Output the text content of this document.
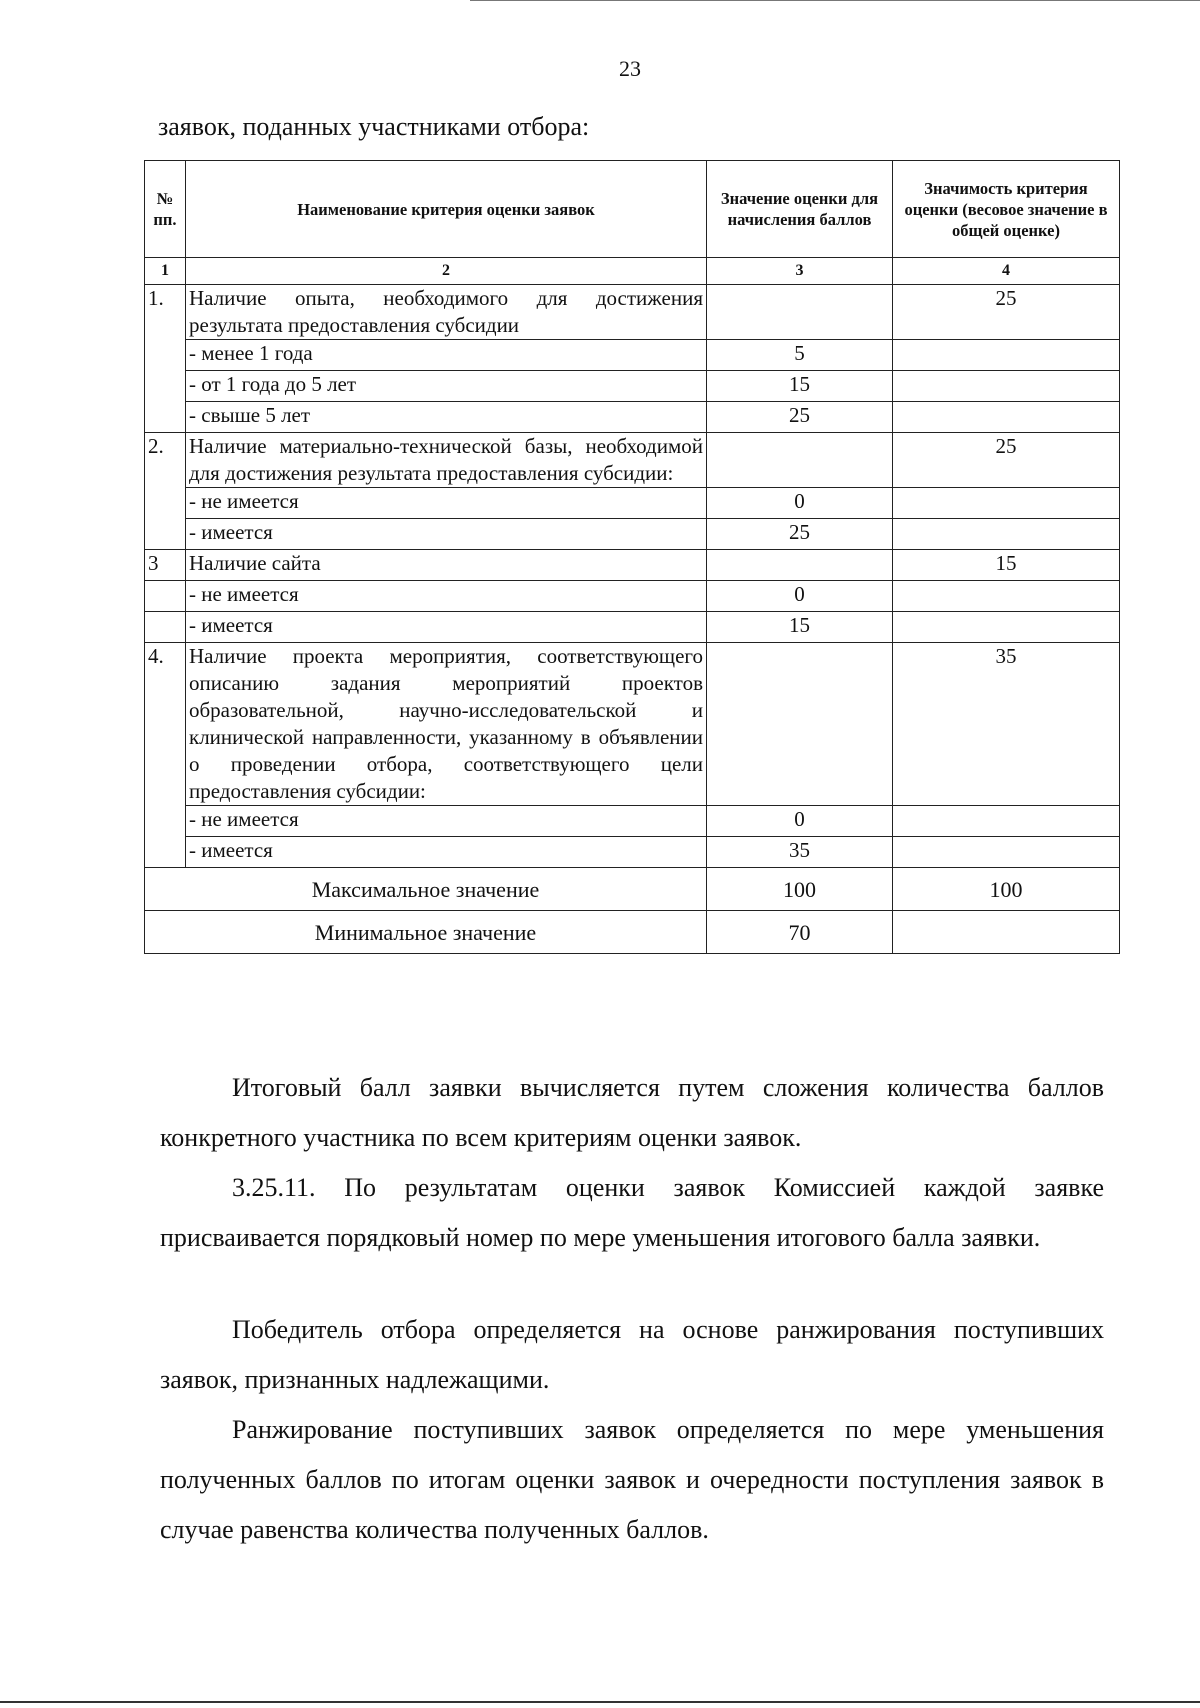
23
заявок, поданных участниками отбора:
№ пп.	Наименование критерия оценки заявок	Значение оценки для начисления баллов	Значимость критерия оценки (весовое значение в общей оценке)
1	2	3	4
1.	Наличие опыта, необходимого для достижения результата предоставления субсидии		25
	- менее 1 года	5	
	- от 1 года до 5 лет	15	
	- свыше 5 лет	25	
2.	Наличие материально-технической базы, необходимой для достижения результата предоставления субсидии:		25
	- не имеется	0	
	- имеется	25	
3	Наличие сайта		15
	- не имеется	0	
	- имеется	15	
4.	Наличие проекта мероприятия, соответствующего описанию задания мероприятий проектов образовательной, научно-исследовательской и клинической направленности, указанному в объявлении о проведении отбора, соответствующего цели предоставления субсидии:		35
	- не имеется	0	
	- имеется	35	
Максимальное значение		100	100
Минимальное значение		70	
Итоговый балл заявки вычисляется путем сложения количества баллов конкретного участника по всем критериям оценки заявок.
3.25.11. По результатам оценки заявок Комиссией каждой заявке присваивается порядковый номер по мере уменьшения итогового балла заявки.
Победитель отбора определяется на основе ранжирования поступивших заявок, признанных надлежащими.
Ранжирование поступивших заявок определяется по мере уменьшения полученных баллов по итогам оценки заявок и очередности поступления заявок в случае равенства количества полученных баллов.
